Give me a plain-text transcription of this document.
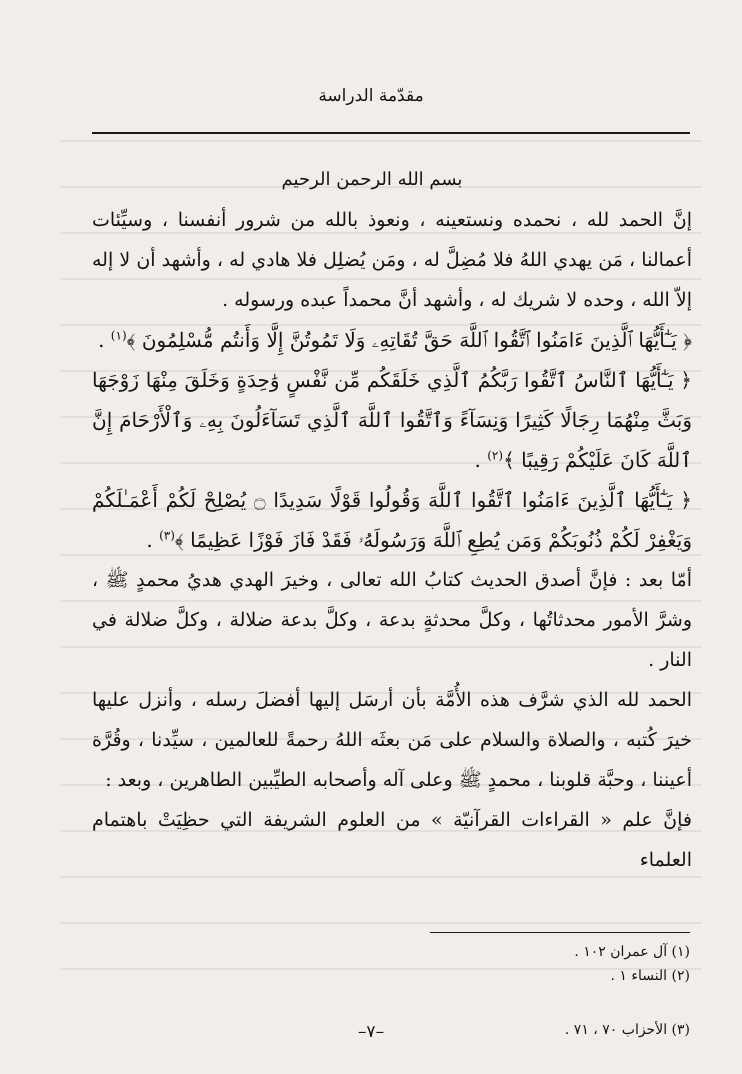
مقدّمة الدراسة

بسم الله الرحمن الرحيم

إنَّ الحمد لله ، نحمده ونستعينه ، ونعوذ بالله من شرور أنفسنا ، وسيِّئات أعمالنا ، مَن يهدي اللهُ فلا مُضِلَّ له ، ومَن يُضلِل فلا هادي له ، وأشهد أن لا إله إلاّ الله ، وحده لا شريك له ، وأشهد أنَّ محمداً عبده ورسوله .

﴿ يَـٰٓأَيُّهَا ٱلَّذِينَ ءَامَنُوا ٱتَّقُوا ٱللَّهَ حَقَّ تُقَاتِهِۦ وَلَا تَمُوتُنَّ إِلَّا وَأَنتُم مُّسْلِمُونَ ﴾$^{(١)}$ .

﴿ يَـٰٓأَيُّهَا ٱلنَّاسُ ٱتَّقُوا رَبَّكُمُ ٱلَّذِي خَلَقَكُم مِّن نَّفْسٍ وَٰحِدَةٍ وَخَلَقَ مِنْهَا زَوْجَهَا وَبَثَّ مِنْهُمَا رِجَالًا كَثِيرًا وَنِسَآءً وَٱتَّقُوا ٱللَّهَ ٱلَّذِي تَسَآءَلُونَ بِهِۦ وَٱلْأَرْحَامَ إِنَّ ٱللَّهَ كَانَ عَلَيْكُمْ رَقِيبًا ﴾$^{(٢)}$ .

﴿ يَـٰٓأَيُّهَا ٱلَّذِينَ ءَامَنُوا ٱتَّقُوا ٱللَّهَ وَقُولُوا قَوْلًا سَدِيدًا ۝ يُصْلِحْ لَكُمْ أَعْمَـٰلَكُمْ وَيَغْفِرْ لَكُمْ ذُنُوبَكُمْ وَمَن يُطِعِ ٱللَّهَ وَرَسُولَهُۥ فَقَدْ فَازَ فَوْزًا عَظِيمًا ﴾$^{(٣)}$ .

أمّا بعد : فإنَّ أصدق الحديث كتابُ الله تعالى ، وخيرَ الهدي هديُ محمدٍ ﷺ ، وشرَّ الأمور محدثاتُها ، وكلَّ محدثةٍ بدعة ، وكلَّ بدعة ضلالة ، وكلَّ ضلالة في النار .

الحمد لله الذي شرَّف هذه الأُمَّة بأن أرسَل إليها أفضلَ رسله ، وأنزل عليها خيرَ كُتبه ، والصلاة والسلام على مَن بعثَه اللهُ رحمةً للعالمين ، سيِّدنا ، وقُرَّة أعيننا ، وحبَّة قلوبنا ، محمدٍ ﷺ وعلى آله وأصحابه الطيِّبين الطاهرين ، وبعد :

فإنَّ علم « القراءات القرآنيّة » من العلوم الشريفة التي حظِيَتْ باهتمام العلماء

(١) آل عمران ١٠٢ .
(٢) النساء ١ .
(٣) الأحزاب ٧٠ ، ٧١ .
–٧–
